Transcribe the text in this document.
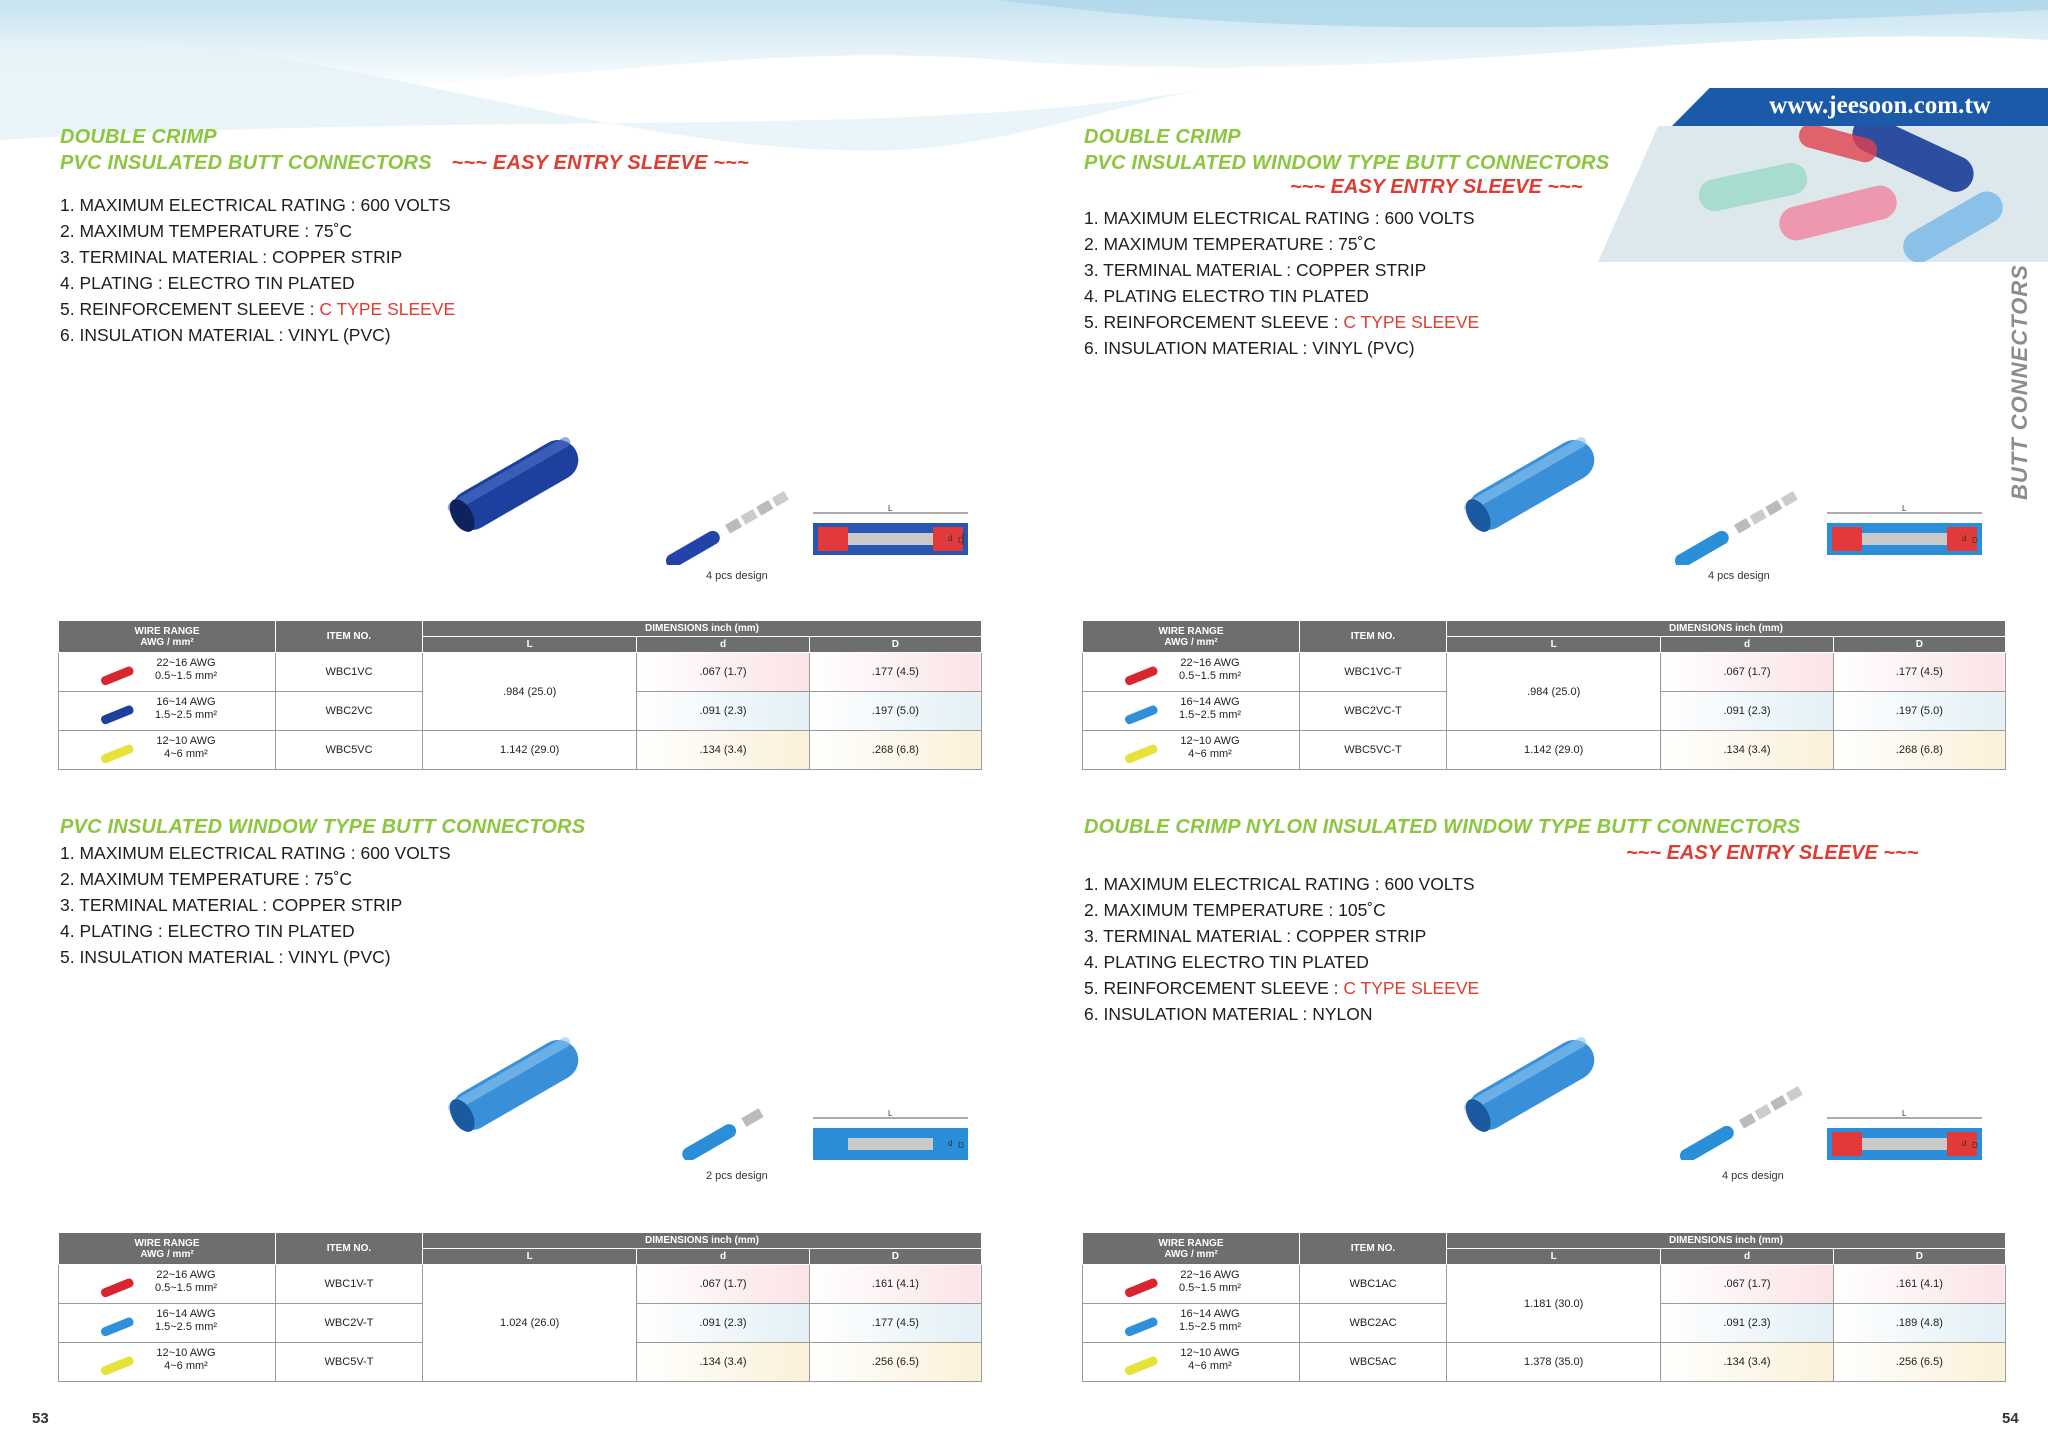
www.jeesoon.com.tw
BUTT CONNECTORS
DOUBLE CRIMP
PVC INSULATED BUTT CONNECTORS ~~~ EASY ENTRY SLEEVE ~~~
1. MAXIMUM ELECTRICAL RATING : 600 VOLTS
2. MAXIMUM TEMPERATURE : 75˚C
3. TERMINAL MATERIAL : COPPER STRIP
4. PLATING : ELECTRO TIN PLATED
5. REINFORCEMENT SLEEVE : C TYPE SLEEVE
6. INSULATION MATERIAL : VINYL (PVC)
L
d D
4 pcs design
WIRE RANGE
AWG / mm²	ITEM NO.	DIMENSIONS inch (mm)		
		L	d	D

22~16 AWG
0.5~1.5 mm²	WBC1VC	.984 (25.0)	.067 (1.7)	.177 (4.5)

16~14 AWG
1.5~2.5 mm²	WBC2VC		.091 (2.3)	.197 (5.0)

12~10 AWG
4~6 mm²	WBC5VC	1.142 (29.0)	.134 (3.4)	.268 (6.8)
PVC INSULATED WINDOW TYPE BUTT CONNECTORS
1. MAXIMUM ELECTRICAL RATING : 600 VOLTS
2. MAXIMUM TEMPERATURE : 75˚C
3. TERMINAL MATERIAL : COPPER STRIP
4. PLATING : ELECTRO TIN PLATED
5. INSULATION MATERIAL : VINYL (PVC)
L
d D
2 pcs design
WIRE RANGE
AWG / mm²	ITEM NO.	DIMENSIONS inch (mm)		
		L	d	D

22~16 AWG
0.5~1.5 mm²	WBC1V-T	1.024 (26.0)	.067 (1.7)	.161 (4.1)

16~14 AWG
1.5~2.5 mm²	WBC2V-T		.091 (2.3)	.177 (4.5)

12~10 AWG
4~6 mm²	WBC5V-T		.134 (3.4)	.256 (6.5)
53
DOUBLE CRIMP
PVC INSULATED WINDOW TYPE BUTT CONNECTORS
~~~ EASY ENTRY SLEEVE ~~~
1. MAXIMUM ELECTRICAL RATING : 600 VOLTS
2. MAXIMUM TEMPERATURE : 75˚C
3. TERMINAL MATERIAL : COPPER STRIP
4. PLATING ELECTRO TIN PLATED
5. REINFORCEMENT SLEEVE : C TYPE SLEEVE
6. INSULATION MATERIAL : VINYL (PVC)
L
d D
4 pcs design
WIRE RANGE
AWG / mm²	ITEM NO.	DIMENSIONS inch (mm)		
		L	d	D

22~16 AWG
0.5~1.5 mm²	WBC1VC-T	.984 (25.0)	.067 (1.7)	.177 (4.5)

16~14 AWG
1.5~2.5 mm²	WBC2VC-T		.091 (2.3)	.197 (5.0)

12~10 AWG
4~6 mm²	WBC5VC-T	1.142 (29.0)	.134 (3.4)	.268 (6.8)
DOUBLE CRIMP NYLON INSULATED WINDOW TYPE BUTT CONNECTORS
~~~ EASY ENTRY SLEEVE ~~~
1. MAXIMUM ELECTRICAL RATING : 600 VOLTS
2. MAXIMUM TEMPERATURE : 105˚C
3. TERMINAL MATERIAL : COPPER STRIP
4. PLATING ELECTRO TIN PLATED
5. REINFORCEMENT SLEEVE : C TYPE SLEEVE
6. INSULATION MATERIAL : NYLON
L
d D
4 pcs design
WIRE RANGE
AWG / mm²	ITEM NO.	DIMENSIONS inch (mm)		
		L	d	D

22~16 AWG
0.5~1.5 mm²	WBC1AC	1.181 (30.0)	.067 (1.7)	.161 (4.1)

16~14 AWG
1.5~2.5 mm²	WBC2AC		.091 (2.3)	.189 (4.8)

12~10 AWG
4~6 mm²	WBC5AC	1.378 (35.0)	.134 (3.4)	.256 (6.5)
54
